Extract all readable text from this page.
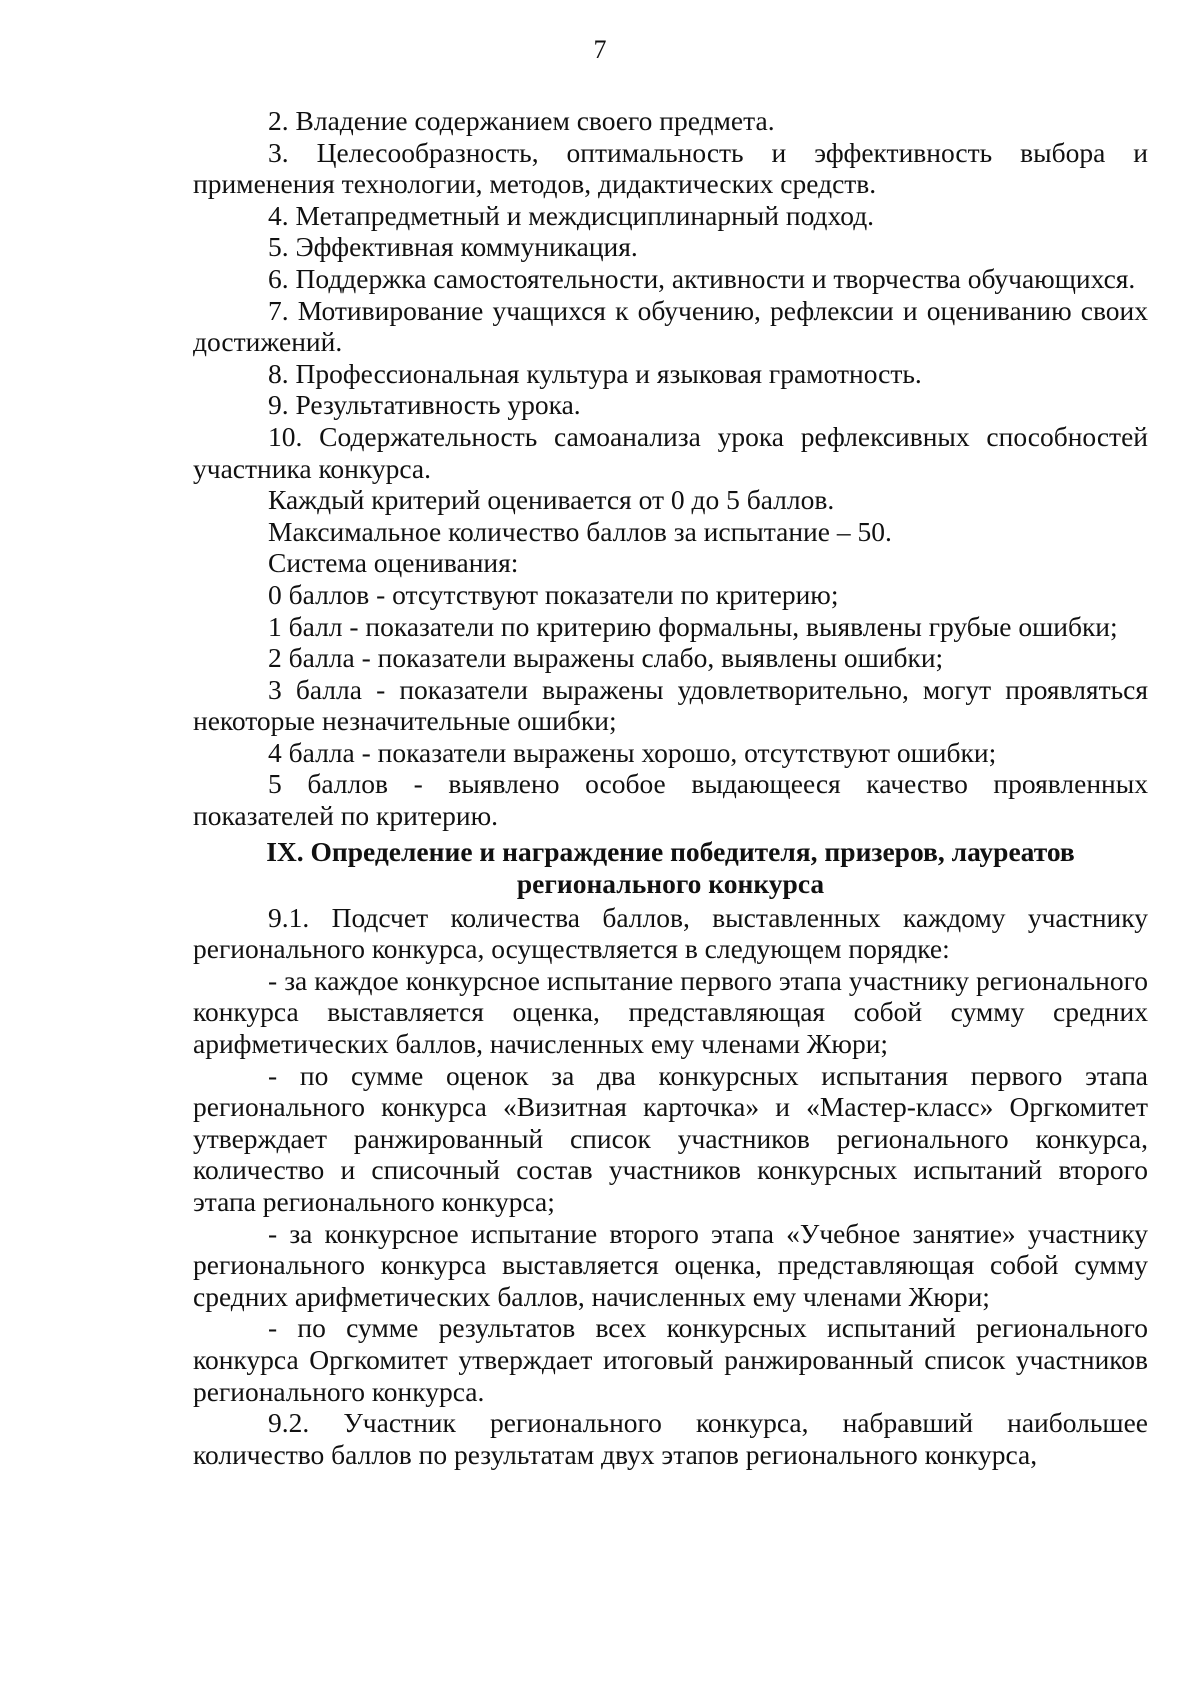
7

2. Владение содержанием своего предмета.

3. Целесообразность, оптимальность и эффективность выбора и применения технологии, методов, дидактических средств.

4. Метапредметный и междисциплинарный подход.

5. Эффективная коммуникация.

6. Поддержка самостоятельности, активности и творчества обучающихся.

7. Мотивирование учащихся к обучению, рефлексии и оцениванию своих достижений.

8. Профессиональная культура и языковая грамотность.

9. Результативность урока.

10. Содержательность самоанализа урока рефлексивных способностей участника конкурса.

Каждый критерий оценивается от 0 до 5 баллов.

Максимальное количество баллов за испытание – 50.

Система оценивания:

0 баллов - отсутствуют показатели по критерию;

1 балл - показатели по критерию формальны, выявлены грубые ошибки;

2 балла - показатели выражены слабо, выявлены ошибки;

3 балла - показатели выражены удовлетворительно, могут проявляться некоторые незначительные ошибки;

4 балла - показатели выражены хорошо, отсутствуют ошибки;

5 баллов - выявлено особое выдающееся качество проявленных показателей по критерию.

IX. Определение и награждение победителя, призеров, лауреатов
регионального конкурса

9.1. Подсчет количества баллов, выставленных каждому участнику регионального конкурса, осуществляется в следующем порядке:

- за каждое конкурсное испытание первого этапа участнику регионального конкурса выставляется оценка, представляющая собой сумму средних арифметических баллов, начисленных ему членами Жюри;

- по сумме оценок за два конкурсных испытания первого этапа регионального конкурса «Визитная карточка» и «Мастер-класс» Оргкомитет утверждает ранжированный список участников регионального конкурса, количество и списочный состав участников конкурсных испытаний второго этапа регионального конкурса;

- за конкурсное испытание второго этапа «Учебное занятие» участнику регионального конкурса выставляется оценка, представляющая собой сумму средних арифметических баллов, начисленных ему членами Жюри;

- по сумме результатов всех конкурсных испытаний регионального конкурса Оргкомитет утверждает итоговый ранжированный список участников регионального конкурса.

9.2. Участник регионального конкурса, набравший наибольшее количество баллов по результатам двух этапов регионального конкурса,
